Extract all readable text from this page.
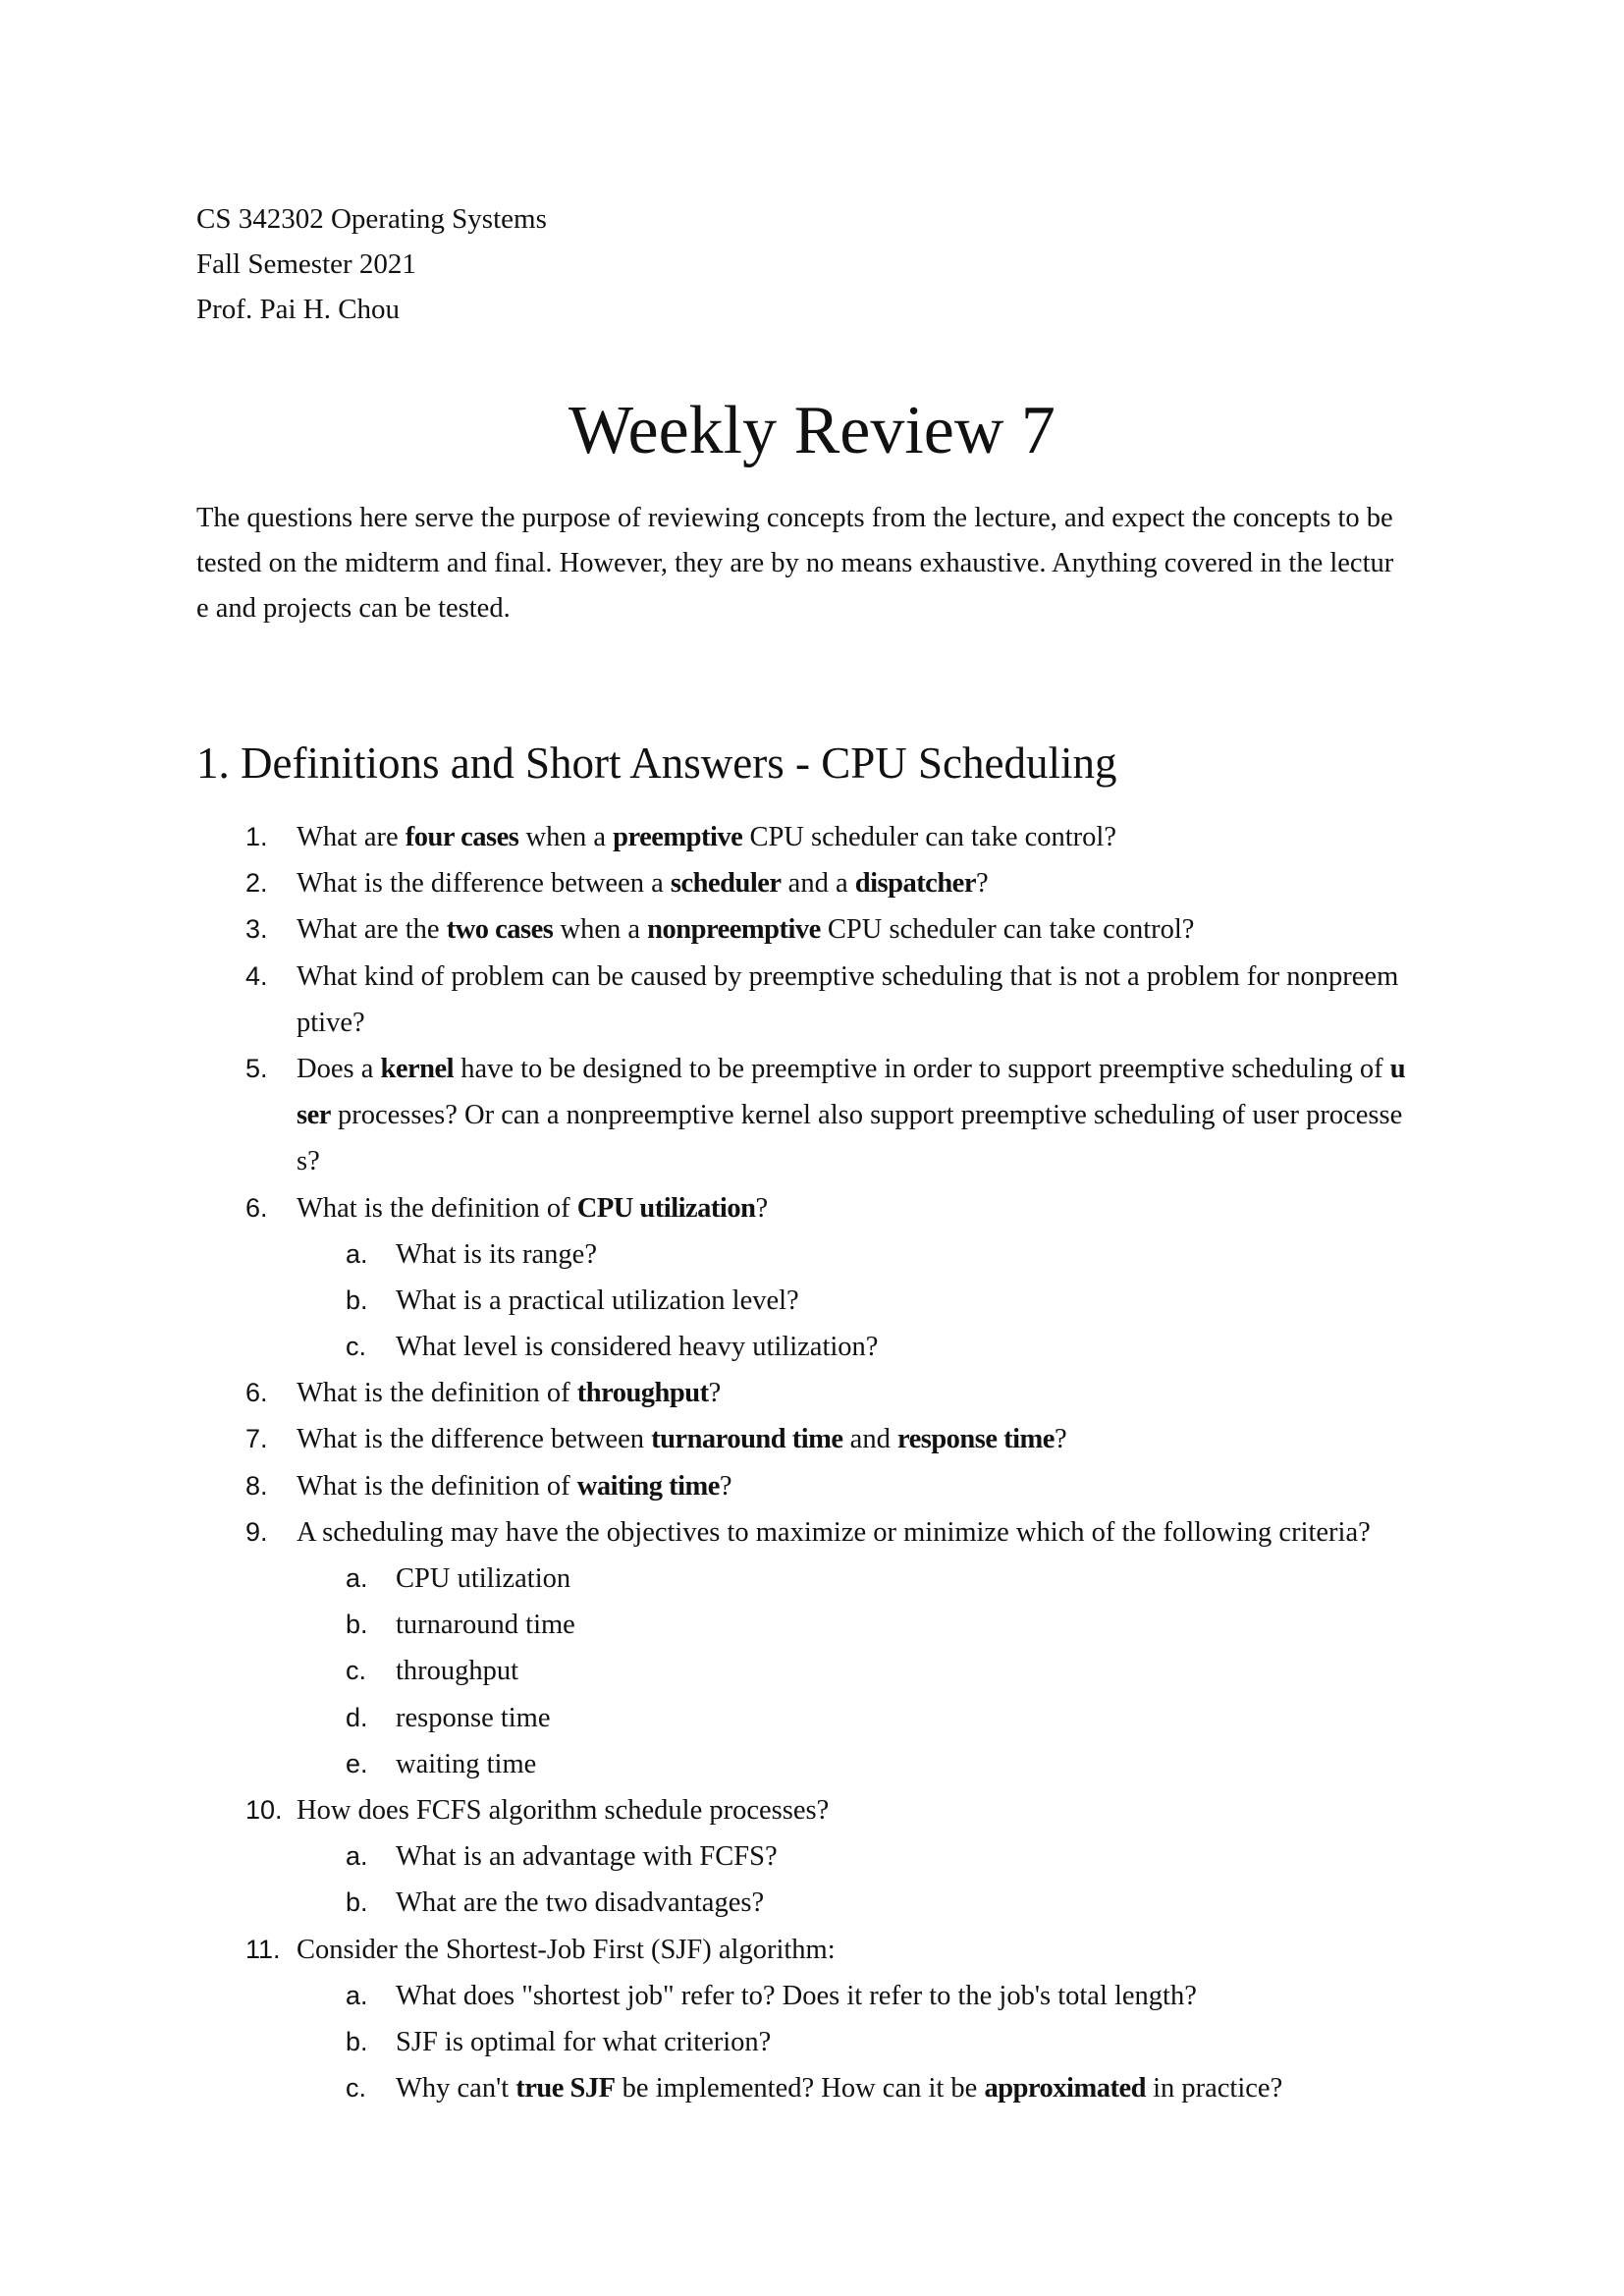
CS 342302 Operating Systems
Fall Semester 2021
Prof. Pai H. Chou
Weekly Review 7
The questions here serve the purpose of reviewing concepts from the lecture, and expect the concepts to be
tested on the midterm and final. However, they are by no means exhaustive. Anything covered in the lectur
e and projects can be tested.
1. Definitions and Short Answers - CPU Scheduling
1. What are four cases when a preemptive CPU scheduler can take control?
2. What is the difference between a scheduler and a dispatcher?
3. What are the two cases when a nonpreemptive CPU scheduler can take control?
4. What kind of problem can be caused by preemptive scheduling that is not a problem for nonpreem
ptive?
5. Does a kernel have to be designed to be preemptive in order to support preemptive scheduling of u
ser processes? Or can a nonpreemptive kernel also support preemptive scheduling of user processe
s?
6. What is the definition of CPU utilization?
a. What is its range?
b. What is a practical utilization level?
c. What level is considered heavy utilization?
6. What is the definition of throughput?
7. What is the difference between turnaround time and response time?
8. What is the definition of waiting time?
9. A scheduling may have the objectives to maximize or minimize which of the following criteria?
a. CPU utilization
b. turnaround time
c. throughput
d. response time
e. waiting time
10. How does FCFS algorithm schedule processes?
a. What is an advantage with FCFS?
b. What are the two disadvantages?
11. Consider the Shortest-Job First (SJF) algorithm:
a. What does "shortest job" refer to? Does it refer to the job's total length?
b. SJF is optimal for what criterion?
c. Why can't true SJF be implemented? How can it be approximated in practice?
